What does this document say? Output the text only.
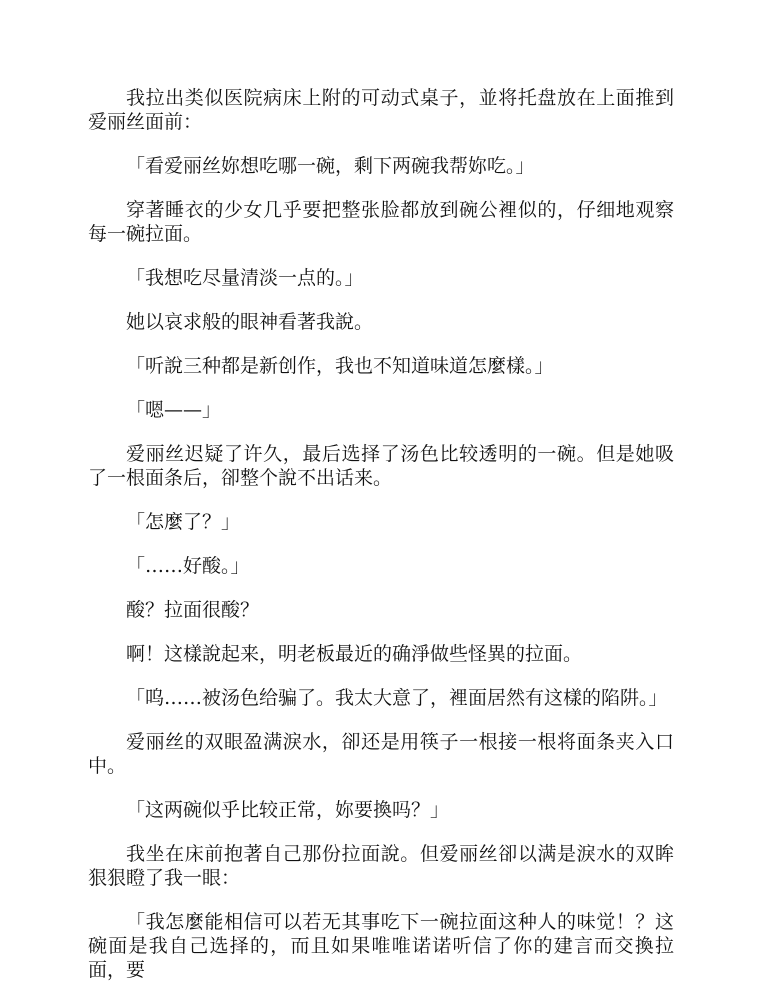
我拉出类似医院病床上附的可动式桌子，並将托盘放在上面推到爱丽丝面前：

「看爱丽丝妳想吃哪一碗，剩下两碗我帮妳吃。」

穿著睡衣的少女几乎要把整张脸都放到碗公裡似的，仔细地观察每一碗拉面。

「我想吃尽量清淡一点的。」

她以哀求般的眼神看著我說。

「听說三种都是新创作，我也不知道味道怎麼樣。」

「嗯——」

爱丽丝迟疑了许久，最后选择了汤色比较透明的一碗。但是她吸了一根面条后，卻整个說不出话来。

「怎麼了？」

「……好酸。」

酸？拉面很酸？

啊！这樣說起来，明老板最近的确淨做些怪異的拉面。

「呜……被汤色给骗了。我太大意了，裡面居然有这樣的陷阱。」

爱丽丝的双眼盈满淚水，卻还是用筷子一根接一根将面条夹入口中。

「这两碗似乎比较正常，妳要換吗？」

我坐在床前抱著自己那份拉面說。但爱丽丝卻以满是淚水的双眸狠狠瞪了我一眼：

「我怎麼能相信可以若无其事吃下一碗拉面这种人的味觉！？这碗面是我自己选择的，而且如果唯唯诺诺听信了你的建言而交換拉面，要
